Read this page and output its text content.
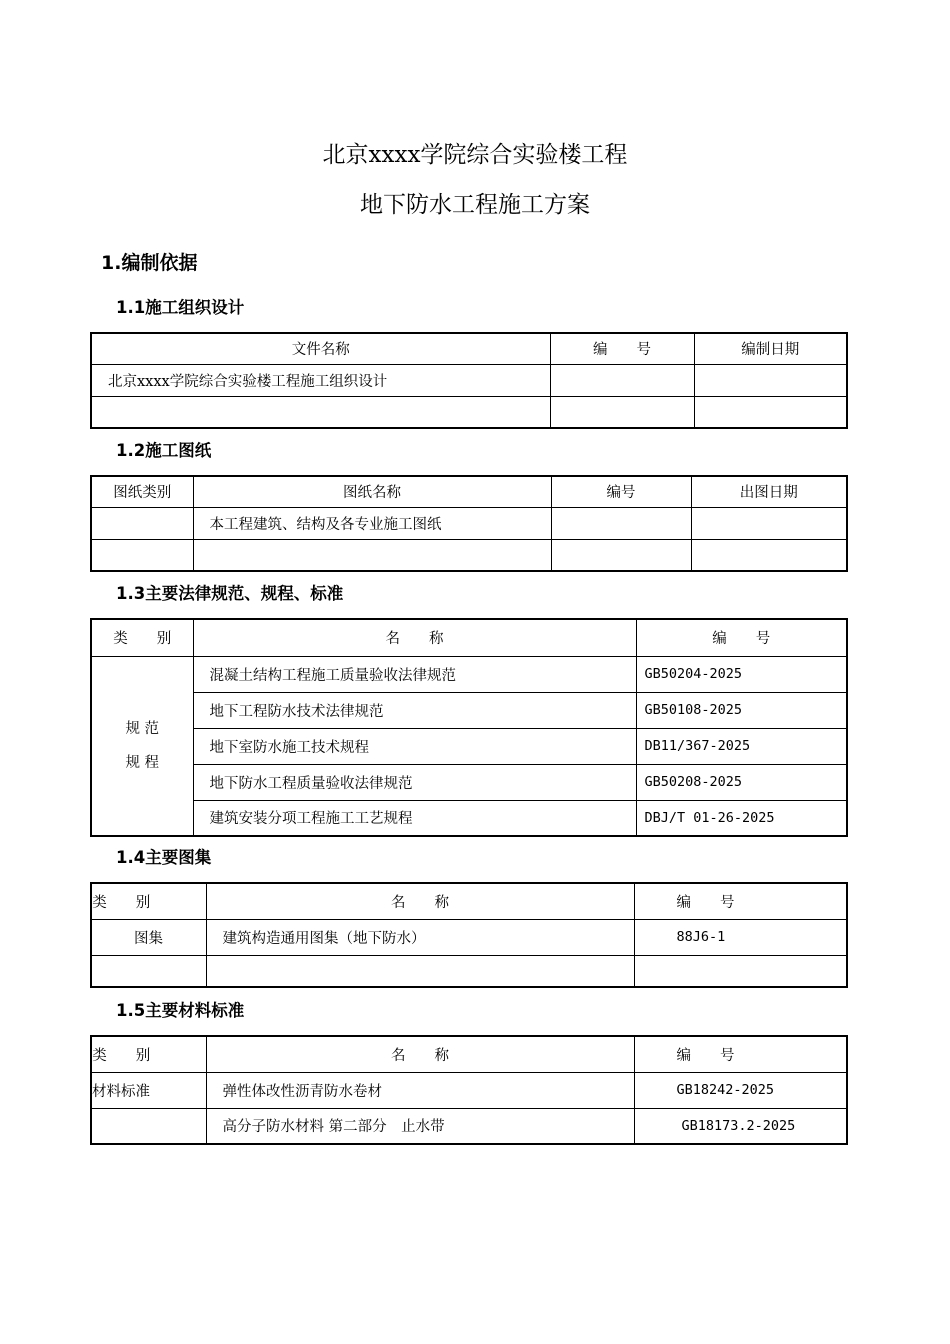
北京xxxx学院综合实验楼工程
地下防水工程施工方案
1.编制依据
1.1施工组织设计
文件名称	编　　号	编制日期
北京xxxx学院综合实验楼工程施工组织设计		

1.2施工图纸
图纸类别	图纸名称	编号	出图日期
	本工程建筑、结构及各专业施工图纸		

1.3主要法律规范、规程、标准
类　　别	名　　称	编　　号

规 范
规 程	混凝土结构工程施工质量验收法律规范	GB50204-2025
	地下工程防水技术法律规范	GB50108-2025
	地下室防水施工技术规程	DB11/367-2025
	地下防水工程质量验收法律规范	GB50208-2025
	建筑安装分项工程施工工艺规程	DBJ/T 01-26-2025
1.4主要图集
类　　别	名　　称	编　　号
图集	建筑构造通用图集（地下防水）	88J6-1

1.5主要材料标准
类　　别	名　　称	编　　号
材料标准	弹性体改性沥青防水卷材	GB18242-2025
	高分子防水材料 第二部分　止水带	GB18173.2-2025
